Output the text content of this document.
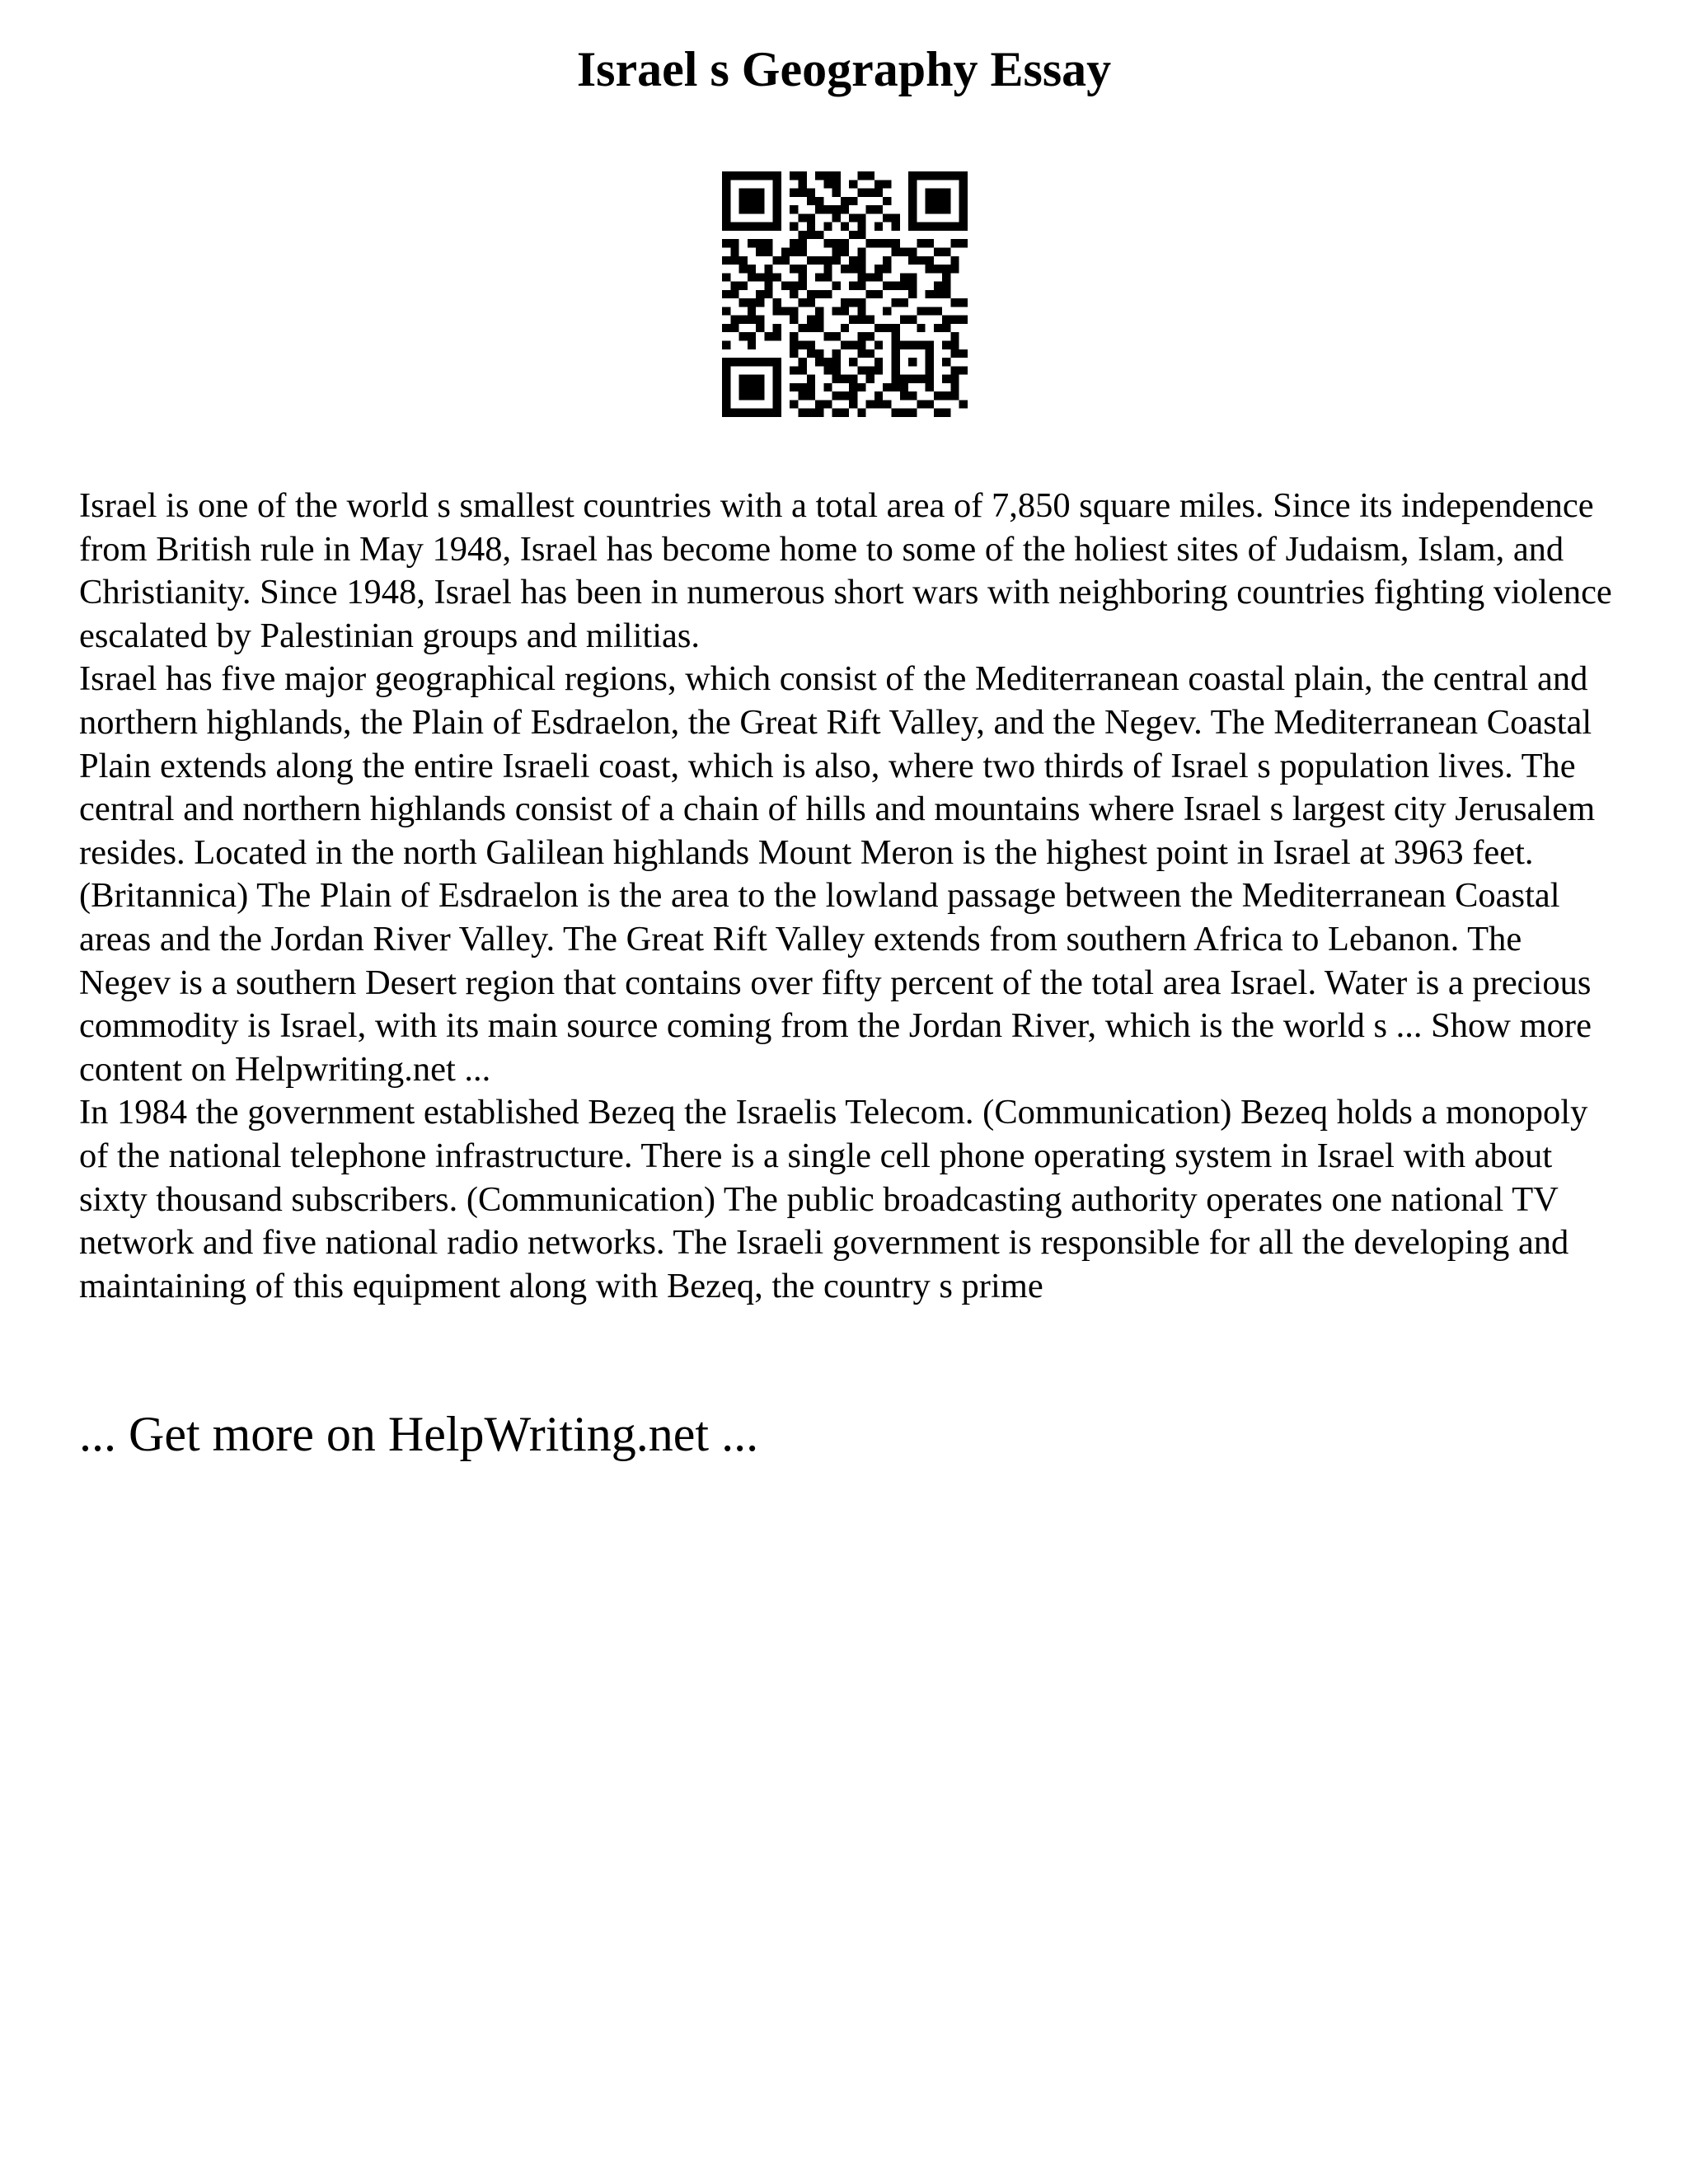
Israel s Geography Essay

Israel is one of the world s smallest countries with a total area of 7,850 square miles. Since its independence from British rule in May 1948, Israel has become home to some of the holiest sites of Judaism, Islam, and Christianity. Since 1948, Israel has been in numerous short wars with neighboring countries fighting violence escalated by Palestinian groups and militias.

Israel has five major geographical regions, which consist of the Mediterranean coastal plain, the central and northern highlands, the Plain of Esdraelon, the Great Rift Valley, and the Negev. The Mediterranean Coastal Plain extends along the entire Israeli coast, which is also, where two thirds of Israel s population lives. The central and northern highlands consist of a chain of hills and mountains where Israel s largest city Jerusalem resides. Located in the north Galilean highlands Mount Meron is the highest point in Israel at 3963 feet. (Britannica) The Plain of Esdraelon is the area to the lowland passage between the Mediterranean Coastal areas and the Jordan River Valley. The Great Rift Valley extends from southern Africa to Lebanon. The Negev is a southern Desert region that contains over fifty percent of the total area Israel. Water is a precious commodity is Israel, with its main source coming from the Jordan River, which is the world s ... Show more content on Helpwriting.net ...

In 1984 the government established Bezeq the Israelis Telecom. (Communication) Bezeq holds a monopoly of the national telephone infrastructure. There is a single cell phone operating system in Israel with about sixty thousand subscribers. (Communication) The public broadcasting authority operates one national TV network and five national radio networks. The Israeli government is responsible for all the developing and maintaining of this equipment along with Bezeq, the country s prime

... Get more on HelpWriting.net ...
